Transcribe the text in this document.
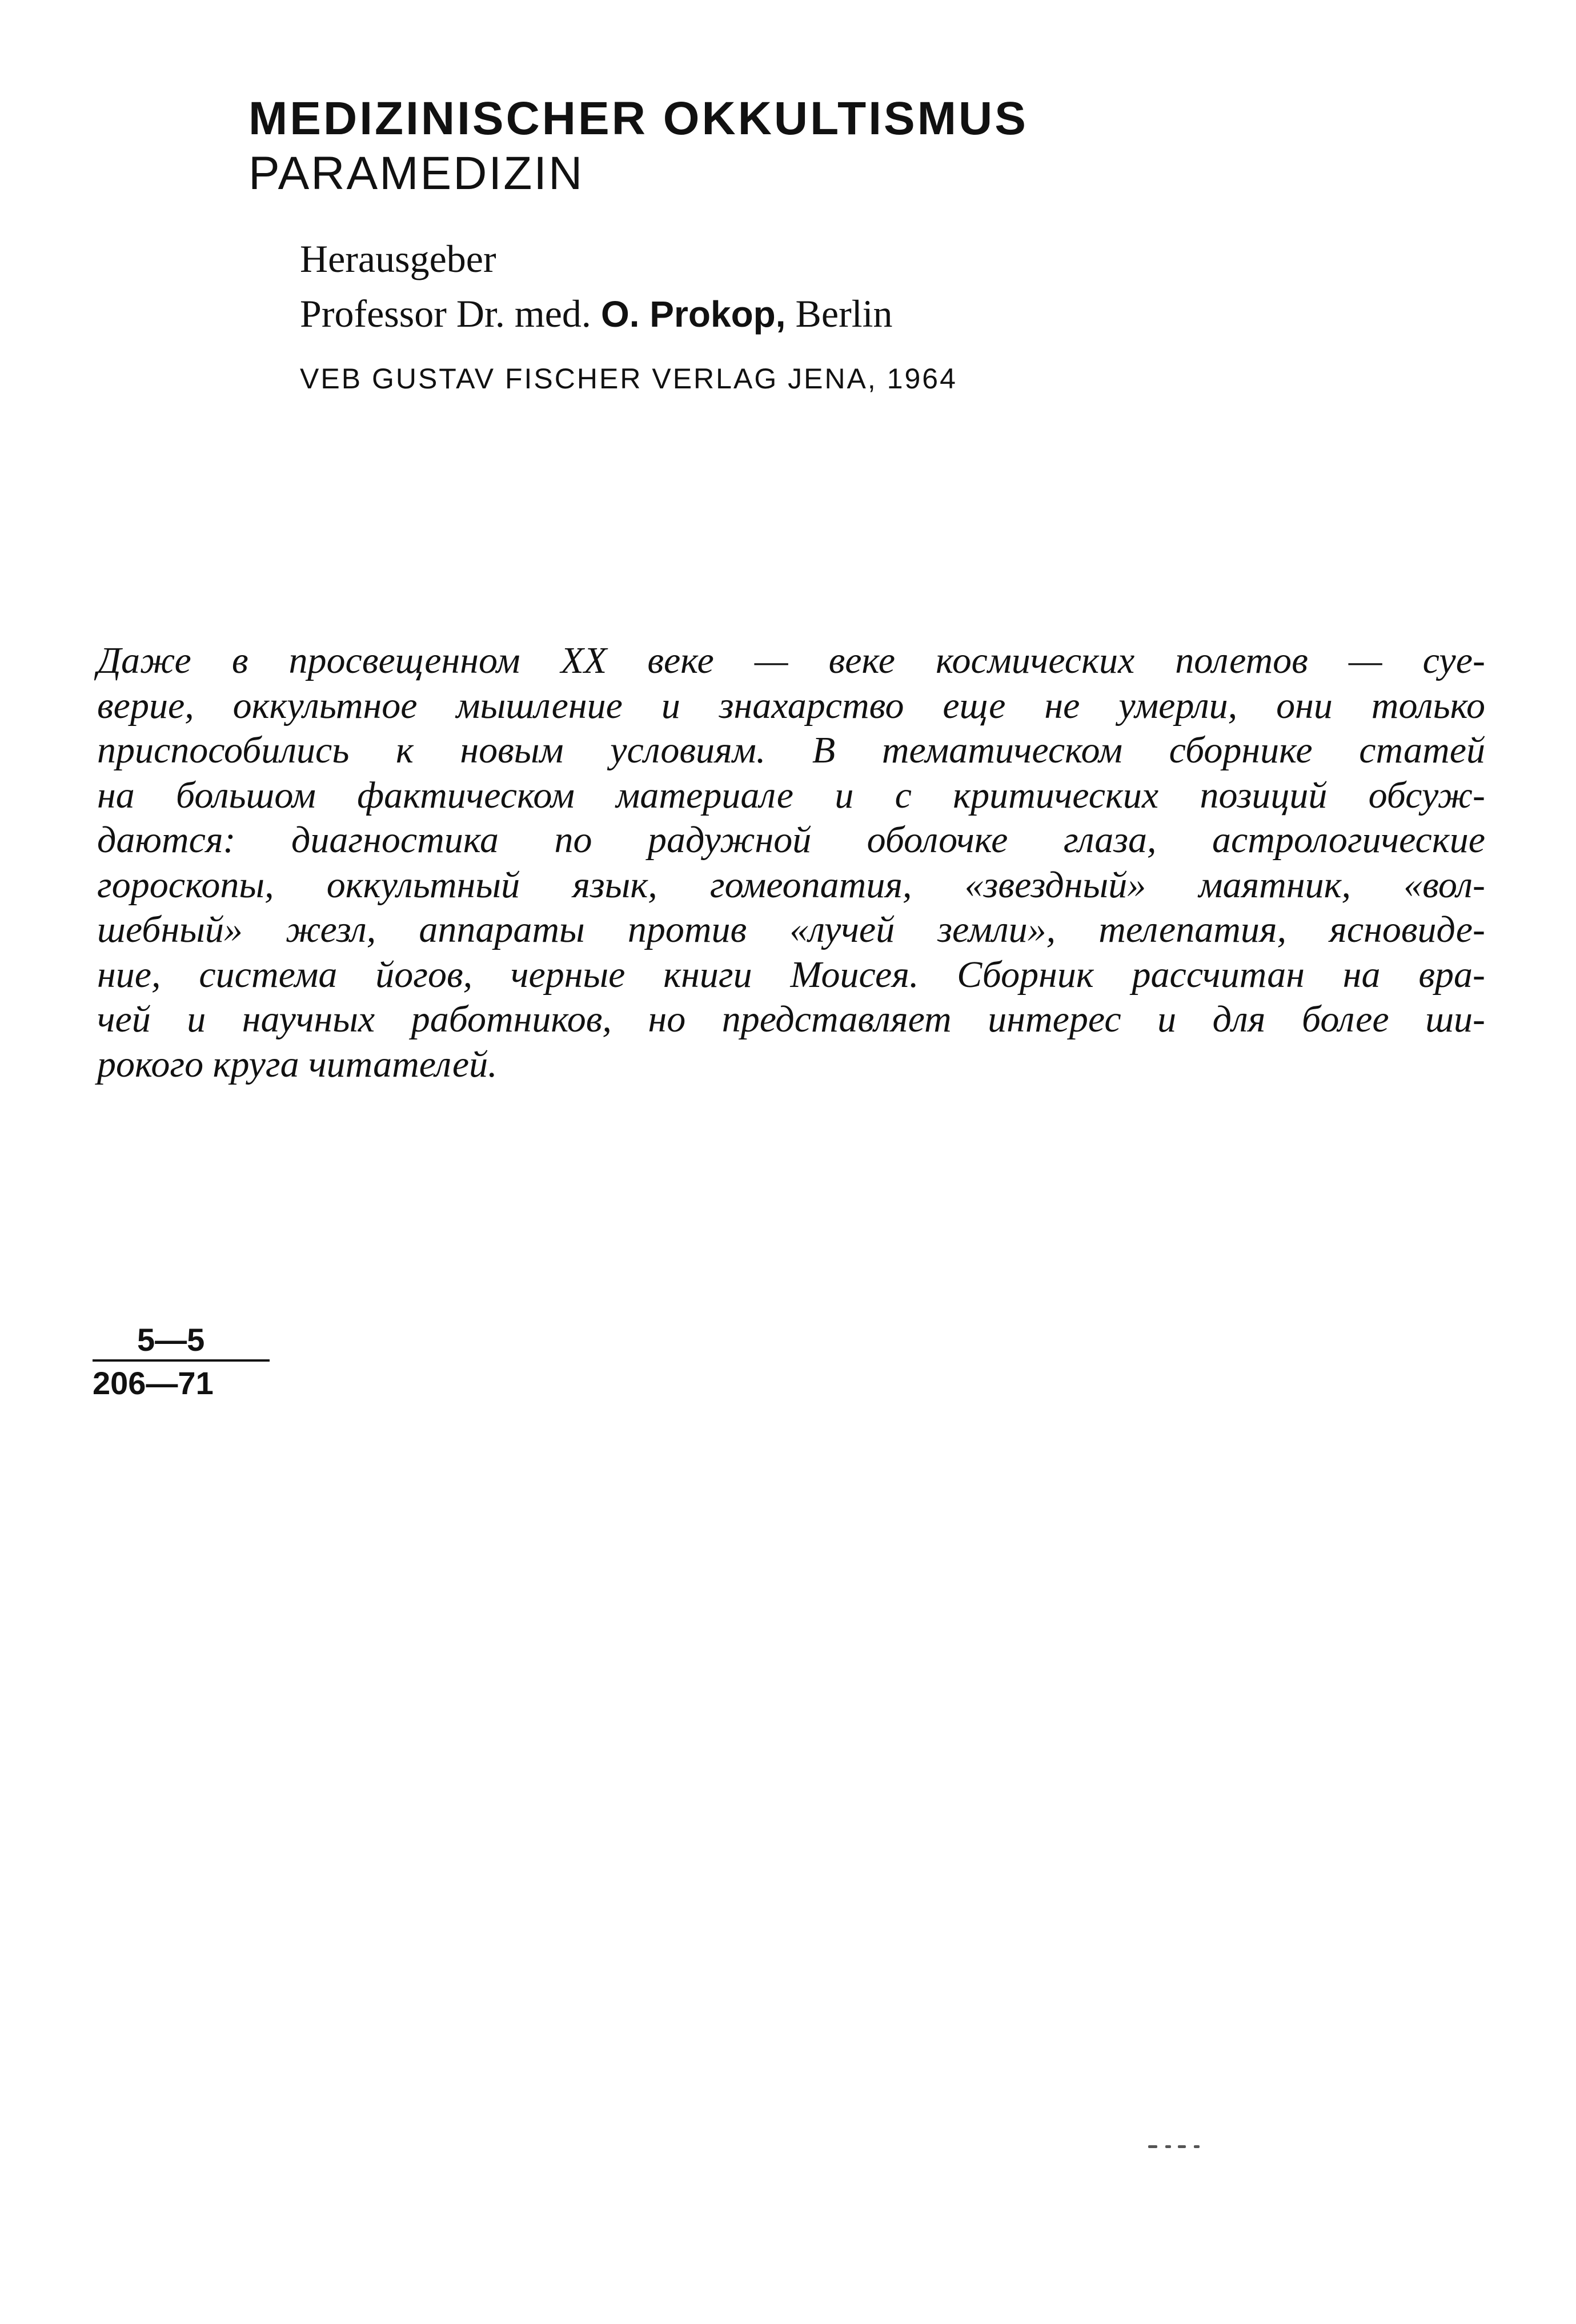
MEDIZINISCHER OKKULTISMUS

PARAMEDIZIN

Herausgeber

Professor Dr. med. O. Prokop, Berlin

VEB GUSTAV FISCHER VERLAG JENA, 1964

Даже в просвещенном XX веке — веке космических полетов — суе-

верие, оккультное мышление и знахарство еще не умерли, они только

приспособились к новым условиям. В тематическом сборнике статей

на большом фактическом материале и с критических позиций обсуж-

даются: диагностика по радужной оболочке глаза, астрологические

гороскопы, оккультный язык, гомеопатия, «звездный» маятник, «вол-

шебный» жезл, аппараты против «лучей земли», телепатия, ясновиде-

ние, система йогов, черные книги Моисея. Сборник рассчитан на вра-

чей и научных работников, но представляет интерес и для более ши-

рокого круга читателей.

$\frac{5—5}{206—71}$
